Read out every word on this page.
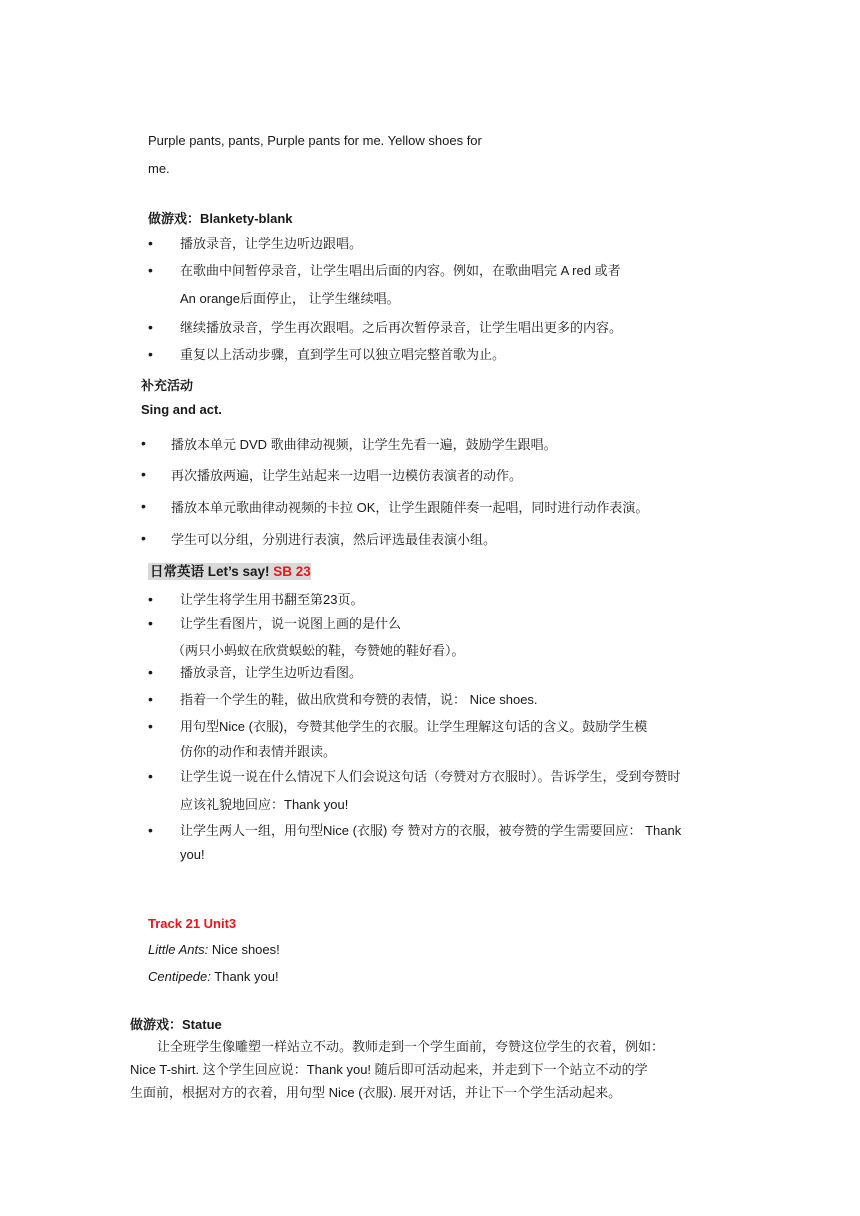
Purple pants, pants, Purple pants for me. Yellow shoes for
me.
做游戏：Blankety-blank
• 播放录音，让学生边听边跟唱。
• 在歌曲中间暂停录音，让学生唱出后面的内容。例如，在歌曲唱完 A red 或者
An orange后面停止， 让学生继续唱。
• 继续播放录音，学生再次跟唱。之后再次暂停录音，让学生唱出更多的内容。
• 重复以上活动步骤，直到学生可以独立唱完整首歌为止。
补充活动
Sing and act.
• 播放本单元 DVD 歌曲律动视频，让学生先看一遍，鼓励学生跟唱。
• 再次播放两遍，让学生站起来一边唱一边模仿表演者的动作。
• 播放本单元歌曲律动视频的卡拉 OK，让学生跟随伴奏一起唱，同时进行动作表演。
• 学生可以分组，分别进行表演，然后评选最佳表演小组。
日常英语 Let’s say! SB 23
• 让学生将学生用书翻至第23页。
• 让学生看图片，说一说图上画的是什么
（两只小蚂蚁在欣赏蜈蚣的鞋，夸赞她的鞋好看）。
• 播放录音，让学生边听边看图。
• 指着一个学生的鞋，做出欣赏和夸赞的表情，说： Nice shoes.
• 用句型Nice (衣服)，夸赞其他学生的衣服。让学生理解这句话的含义。鼓励学生模
仿你的动作和表情并跟读。
• 让学生说一说在什么情况下人们会说这句话（夸赞对方衣服时）。告诉学生，受到夸赞时
应该礼貌地回应：Thank you!
• 让学生两人一组，用句型Nice (衣服) 夸 赞对方的衣服，被夸赞的学生需要回应： Thank
you!
Track 21 Unit3
Little Ants: Nice shoes!
Centipede: Thank you!
做游戏：Statue
让全班学生像雕塑一样站立不动。教师走到一个学生面前，夸赞这位学生的衣着，例如：
Nice T-shirt. 这个学生回应说：Thank you! 随后即可活动起来，并走到下一个站立不动的学
生面前，根据对方的衣着，用句型 Nice (衣服). 展开对话，并让下一个学生活动起来。
